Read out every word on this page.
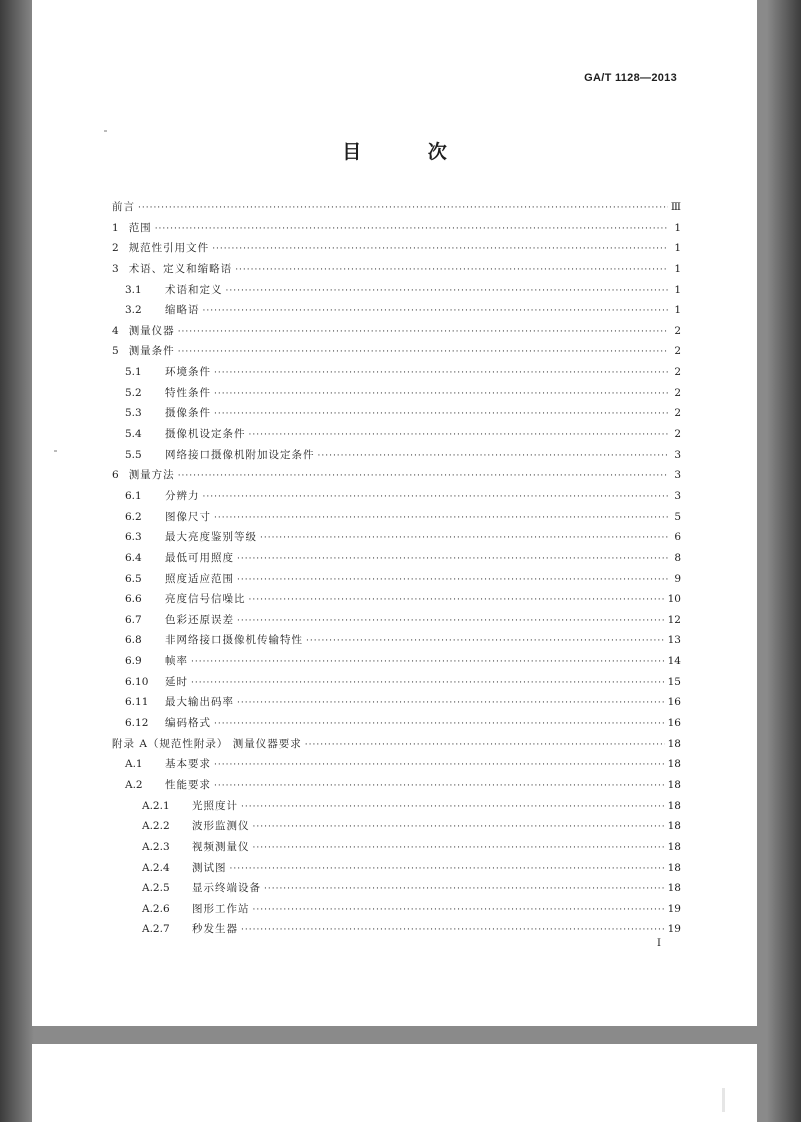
GA/T 1128—2013
目 次
前言 ·····	Ⅲ
1 范围 ·····	1
2 规范性引用文件 ·····	1
3 术语、定义和缩略语 ·····	1
3.1	术语和定义 ·····	1
3.2	缩略语 ·····	1
4 测量仪器 ·····	2
5 测量条件 ·····	2
5.1	环境条件 ·····	2
5.2	特性条件 ·····	2
5.3	摄像条件 ·····	2
5.4	摄像机设定条件 ·····	2
5.5	网络接口摄像机附加设定条件 ·····	3
6 测量方法 ·····	3
6.1	分辨力 ·····	3
6.2	图像尺寸 ·····	5
6.3	最大亮度鉴别等级 ·····	6
6.4	最低可用照度 ·····	8
6.5	照度适应范围 ·····	9
6.6	亮度信号信噪比 ·····	10
6.7	色彩还原误差 ·····	12
6.8	非网络接口摄像机传输特性 ·····	13
6.9	帧率 ·····	14
6.10	延时 ·····	15
6.11	最大输出码率 ·····	16
6.12	编码格式 ·····	16
附录 A（规范性附录） 测量仪器要求 ·····	18
A.1	基本要求 ·····	18
A.2	性能要求 ·····	18
A.2.1	光照度计 ·····	18
A.2.2	波形监测仪 ·····	18
A.2.3	视频测量仪 ·····	18
A.2.4	测试图 ·····	18
A.2.5	显示终端设备 ·····	18
A.2.6	图形工作站 ·····	19
A.2.7	秒发生器 ·····	19
I
